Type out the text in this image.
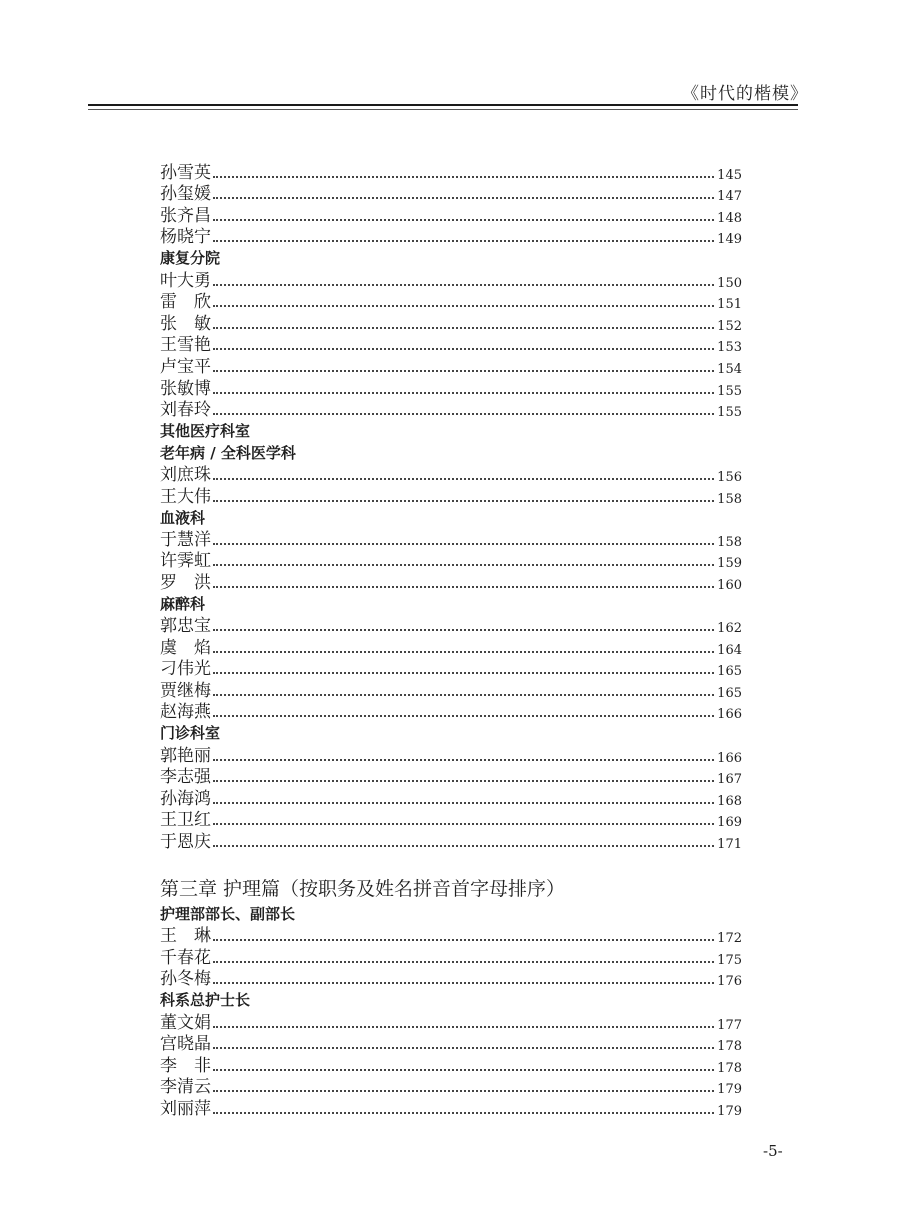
《时代的楷模》
孙雪英	145
孙玺媛	147
张齐昌	148
杨晓宁	149
康复分院
叶大勇	150
雷　欣	151
张　敏	152
王雪艳	153
卢宝平	154
张敏博	155
刘春玲	155
其他医疗科室
老年病 / 全科医学科
刘庶珠	156
王大伟	158
血液科
于慧洋	158
许霁虹	159
罗　洪	160
麻醉科
郭忠宝	162
虞　焰	164
刁伟光	165
贾继梅	165
赵海燕	166
门诊科室
郭艳丽	166
李志强	167
孙海鸿	168
王卫红	169
于恩庆	171
第三章 护理篇（按职务及姓名拼音首字母排序）
护理部部长、副部长
王　琳	172
千春花	175
孙冬梅	176
科系总护士长
董文娟	177
宫晓晶	178
李　非	178
李清云	179
刘丽萍	179
-5-
